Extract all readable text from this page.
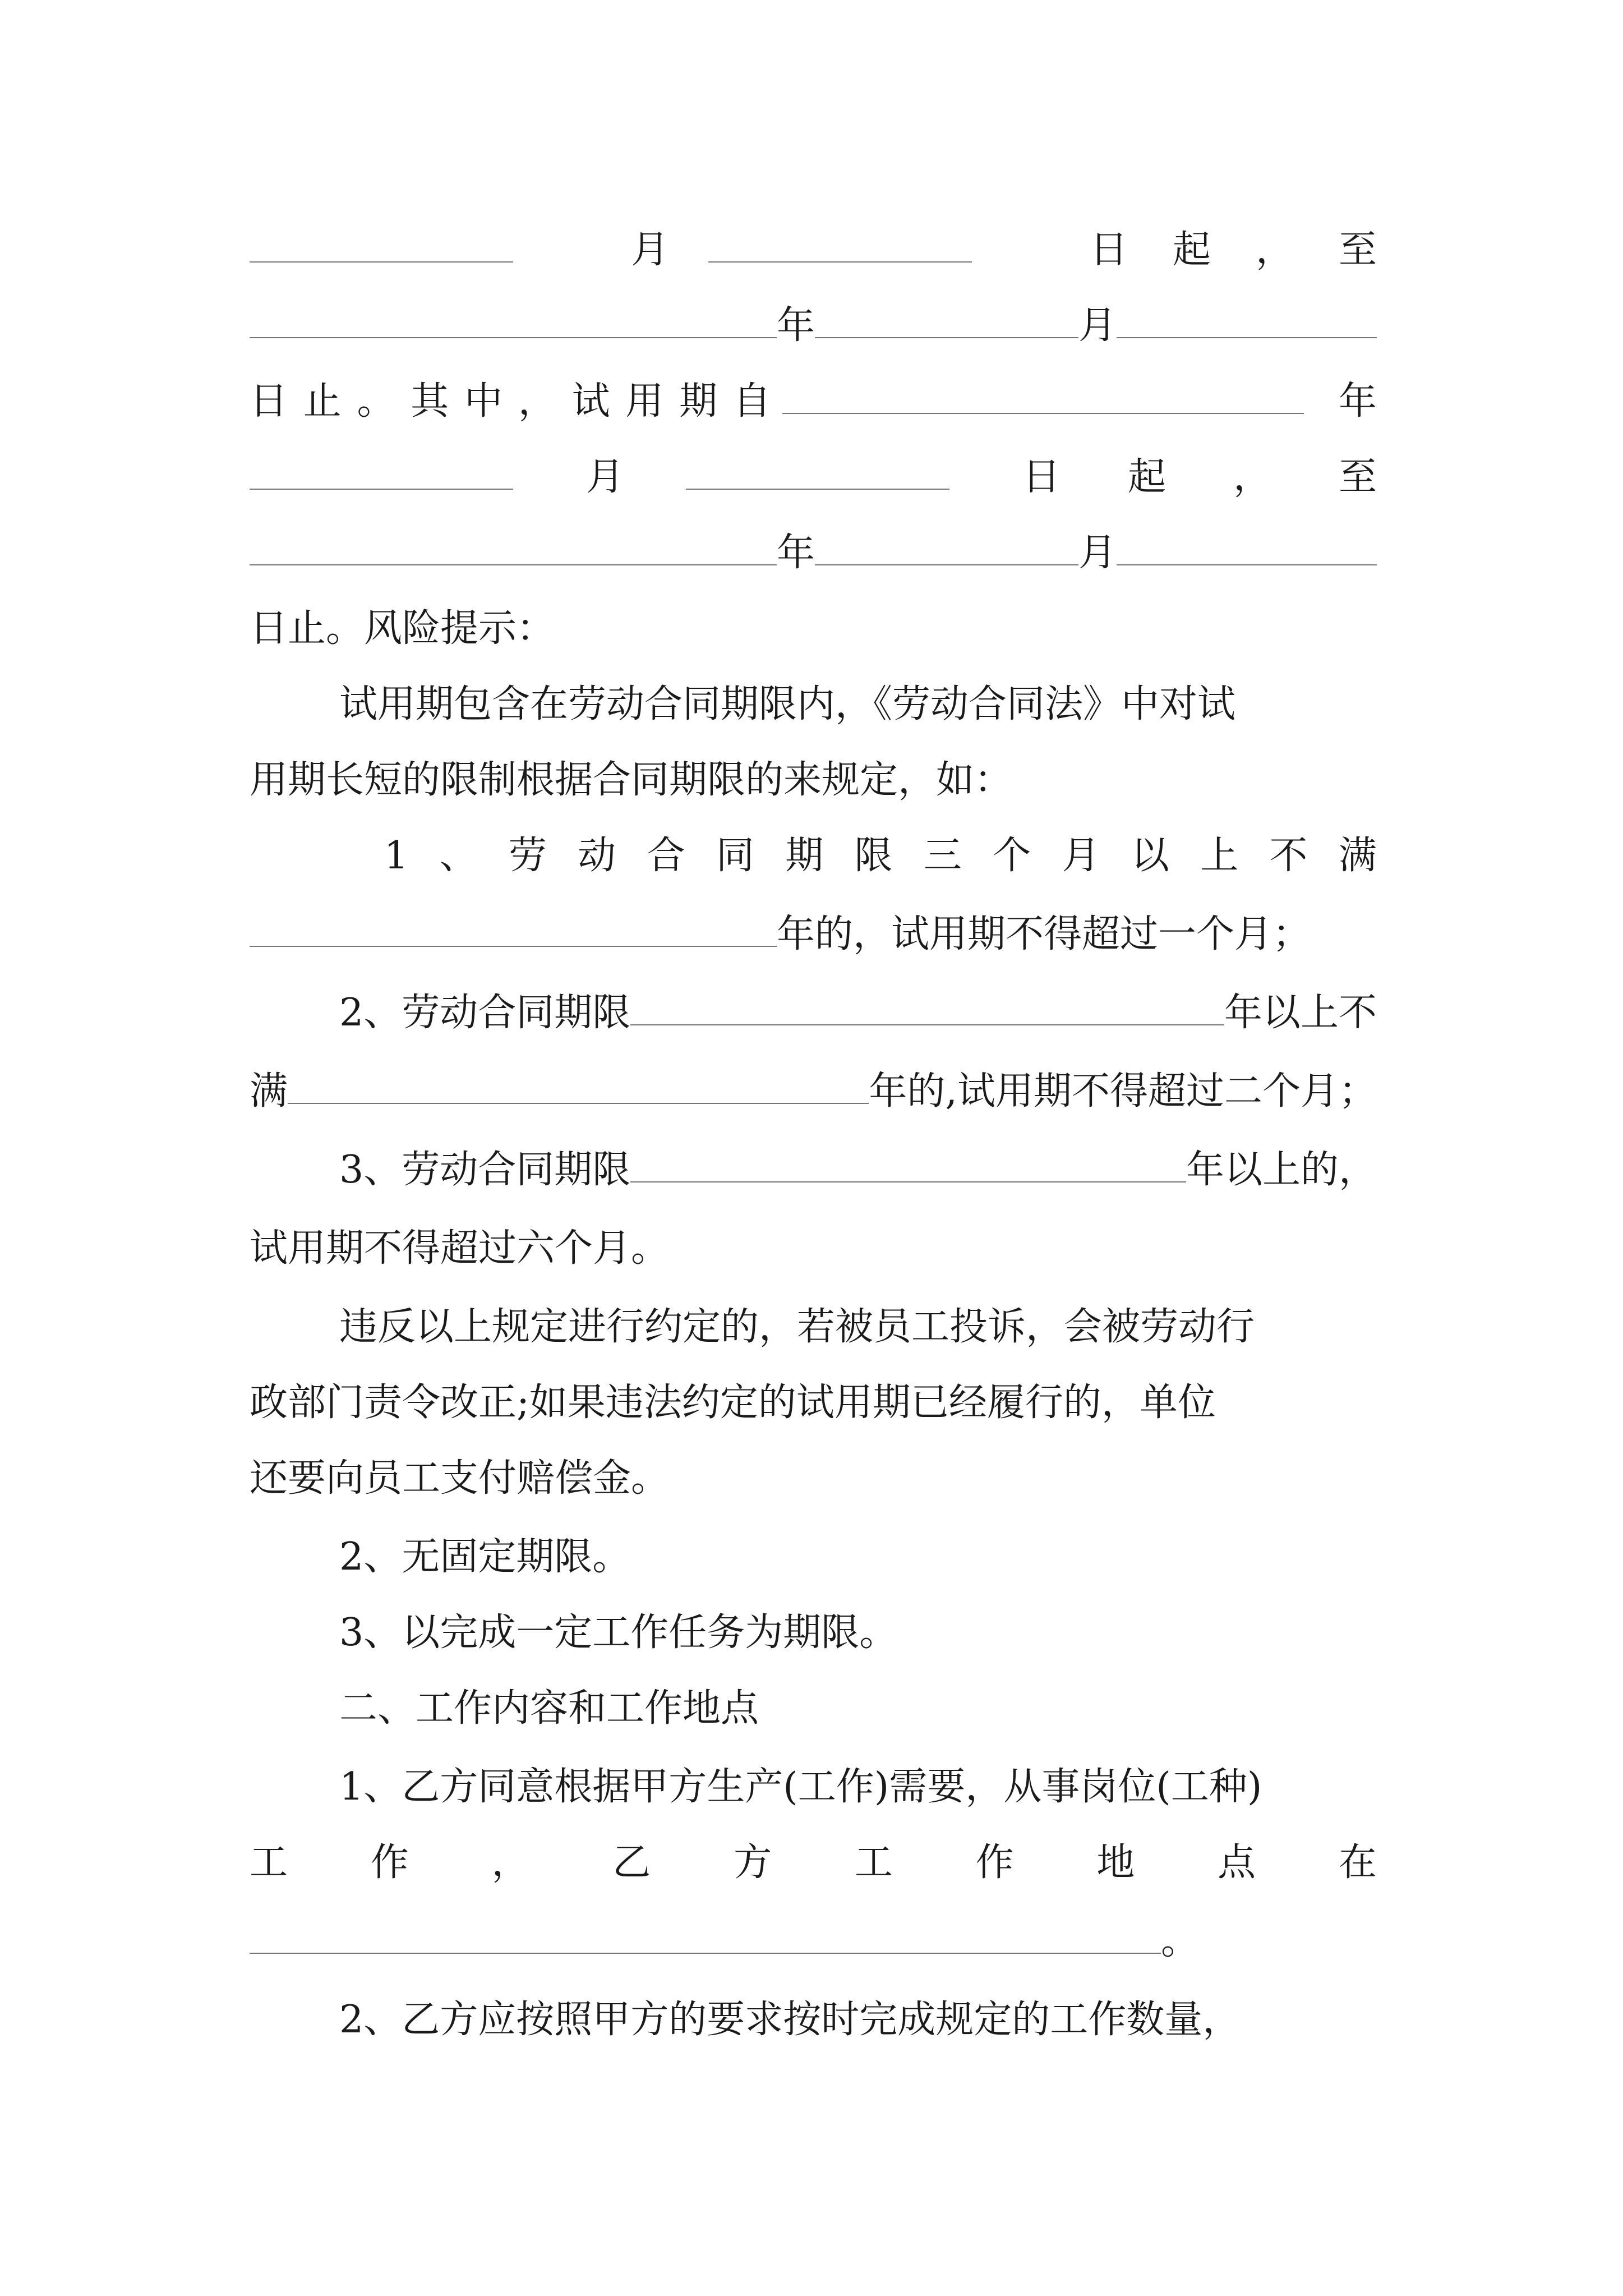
月	日 起 ， 至
年	月
日 止 。 其 中 ， 试 用 期 自	年
月	日 起 ， 至
年	月
日止。风险提示：
试用期包含在劳动合同期限内，《劳动合同法》中对试
用期长短的限制根据合同期限的来规定，如：
1 、 劳 动 合 同 期 限 三 个 月 以 上 不 满
年的，试用期不得超过一个月；
2、劳动合同期限	年以上不
满	年的,试用期不得超过二个月；
3、劳动合同期限	年以上的，
试用期不得超过六个月。
违反以上规定进行约定的，若被员工投诉，会被劳动行
政部门责令改正;如果违法约定的试用期已经履行的，单位
还要向员工支付赔偿金。
2、无固定期限。
3、以完成一定工作任务为期限。
二、工作内容和工作地点
1、乙方同意根据甲方生产(工作)需要，从事岗位(工种)
工 作 ， 乙 方 工 作 地 点 在
。
2、乙方应按照甲方的要求按时完成规定的工作数量，
